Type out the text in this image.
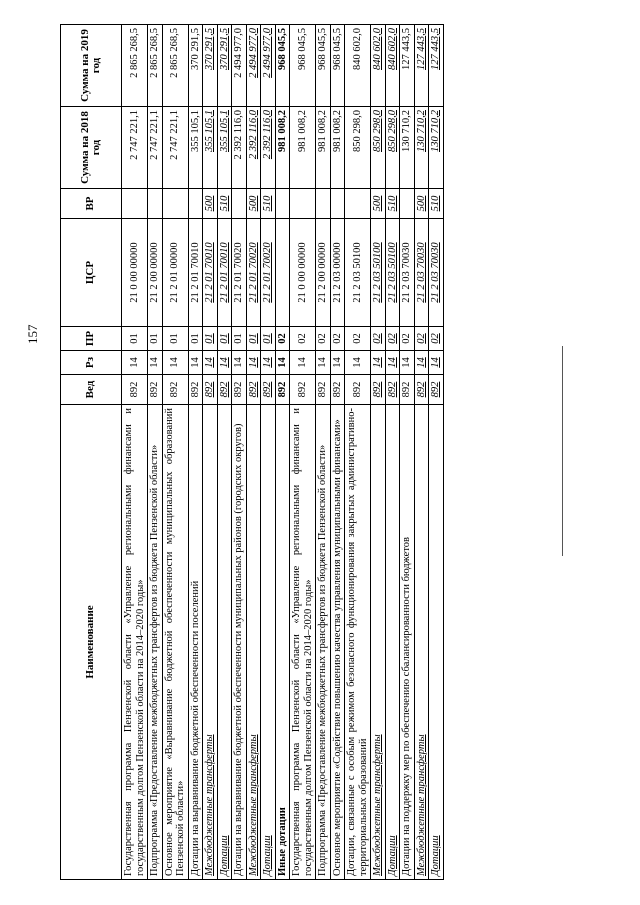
157
Наименование	Вед	Рз	ПР	ЦСР	ВР	Сумма на 2018 год	Сумма на 2019 год
Государственная программа Пензенской области «Управление региональными финансами и государственным долгом Пензенской области на 2014–2020 годы»	892	14	01	21 0 00 00000		2 747 221,1	2 865 268,5
Подпрограмма «Предоставление межбюджетных трансфертов из бюджета Пензенской области»	892	14	01	21 2 00 00000		2 747 221,1	2 865 268,5
Основное мероприятие «Выравнивание бюджетной обеспеченности муниципальных образований Пензенской области»	892	14	01	21 2 01 00000		2 747 221,1	2 865 268,5
Дотации на выравнивание бюджетной обеспеченности поселений	892	14	01	21 2 01 70010		355 105,1	370 291,5
Межбюджетные трансферты	892	14	01	21 2 01 70010	500	355 105,1	370 291,5
Дотации	892	14	01	21 2 01 70010	510	355 105,1	370 291,5
Дотации на выравнивание бюджетной обеспеченности муниципальных районов (городских округов)	892	14	01	21 2 01 70020		2 392 116,0	2 494 977,0
Межбюджетные трансферты	892	14	01	21 2 01 70020	500	2 392 116,0	2 494 977,0
Дотации	892	14	01	21 2 01 70020	510	2 392 116,0	2 494 977,0
Иные дотации	892	14	02			981 008,2	968 045,5
Государственная программа Пензенской области «Управление региональными финансами и государственным долгом Пензенской области на 2014–2020 годы»	892	14	02	21 0 00 00000		981 008,2	968 045,5
Подпрограмма «Предоставление межбюджетных трансфертов из бюджета Пензенской области»	892	14	02	21 2 00 00000		981 008,2	968 045,5
Основное мероприятие «Содействие повышению качества управления муниципальными финансами»	892	14	02	21 2 03 00000		981 008,2	968 045,5
Дотации, связанные с особым режимом безопасного функционирования закрытых административно-территориальных образований	892	14	02	21 2 03 50100		850 298,0	840 602,0
Межбюджетные трансферты	892	14	02	21 2 03 50100	500	850 298,0	840 602,0
Дотации	892	14	02	21 2 03 50100	510	850 298,0	840 602,0
Дотации на поддержку мер по обеспечению сбалансированности бюджетов	892	14	02	21 2 03 70030		130 710,2	127 443,5
Межбюджетные трансферты	892	14	02	21 2 03 70030	500	130 710,2	127 443,5
Дотации	892	14	02	21 2 03 70030	510	130 710,2	127 443,5
